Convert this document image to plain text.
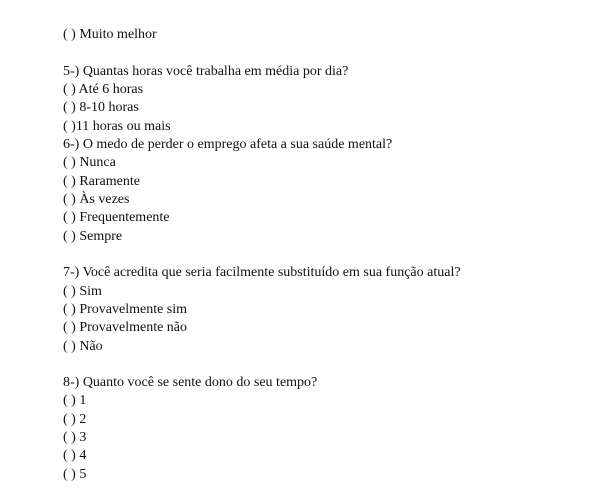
( ) Muito melhor
5-) Quantas horas você trabalha em média por dia?
( ) Até 6 horas
( ) 8-10 horas
( )11 horas ou mais
6-) O medo de perder o emprego afeta a sua saúde mental?
( ) Nunca
( ) Raramente
( ) Às vezes
( ) Frequentemente
( ) Sempre
7-) Você acredita que seria facilmente substituído em sua função atual?
( ) Sim
( ) Provavelmente sim
( ) Provavelmente não
( ) Não
8-) Quanto você se sente dono do seu tempo?
( ) 1
( ) 2
( ) 3
( ) 4
( ) 5
